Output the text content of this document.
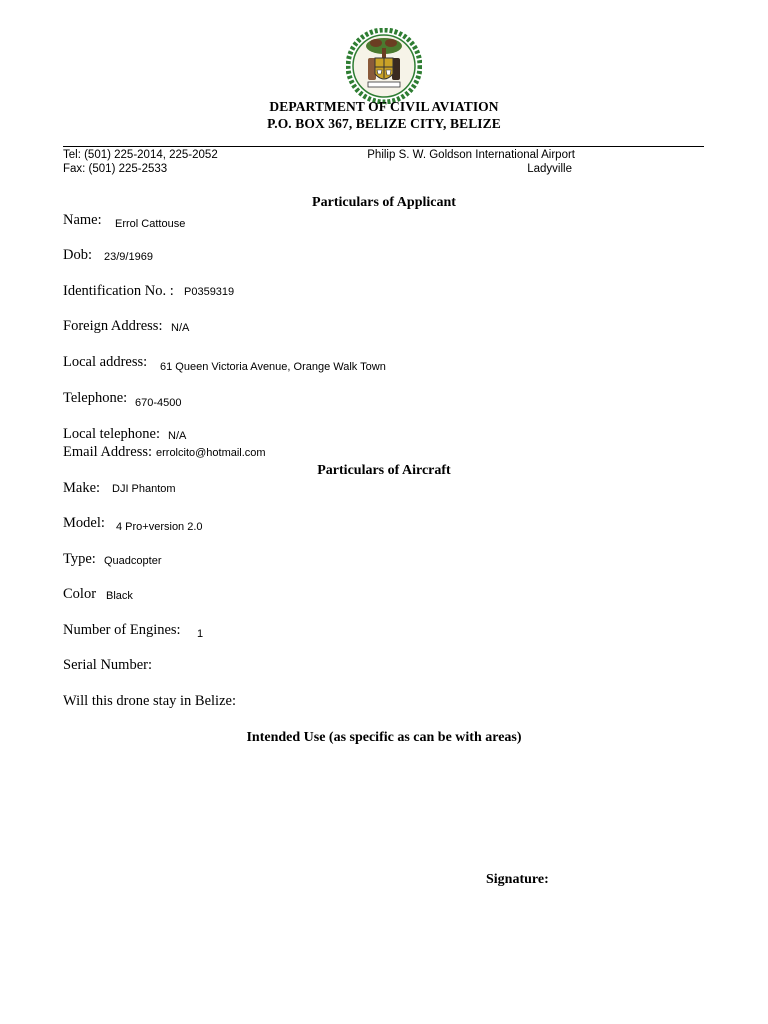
DEPARTMENT OF CIVIL AVIATION
P.O. BOX 367, BELIZE CITY, BELIZE
Tel: (501) 225-2014, 225-2052
Fax: (501) 225-2533
Philip S. W. Goldson International Airport
Ladyville
Particulars of Applicant
Name: Errol Cattouse
Dob: 23/9/1969
Identification No. : P0359319
Foreign Address: N/A
Local address: 61 Queen Victoria Avenue, Orange Walk Town
Telephone: 670-4500
Local telephone: N/A
Email Address: errolcito@hotmail.com
Particulars of Aircraft
Make: DJI Phantom
Model: 4 Pro+version 2.0
Type: Quadcopter
Color Black
Number of Engines: 1
Serial Number:
Will this drone stay in Belize:
Intended Use (as specific as can be with areas)
Signature:
